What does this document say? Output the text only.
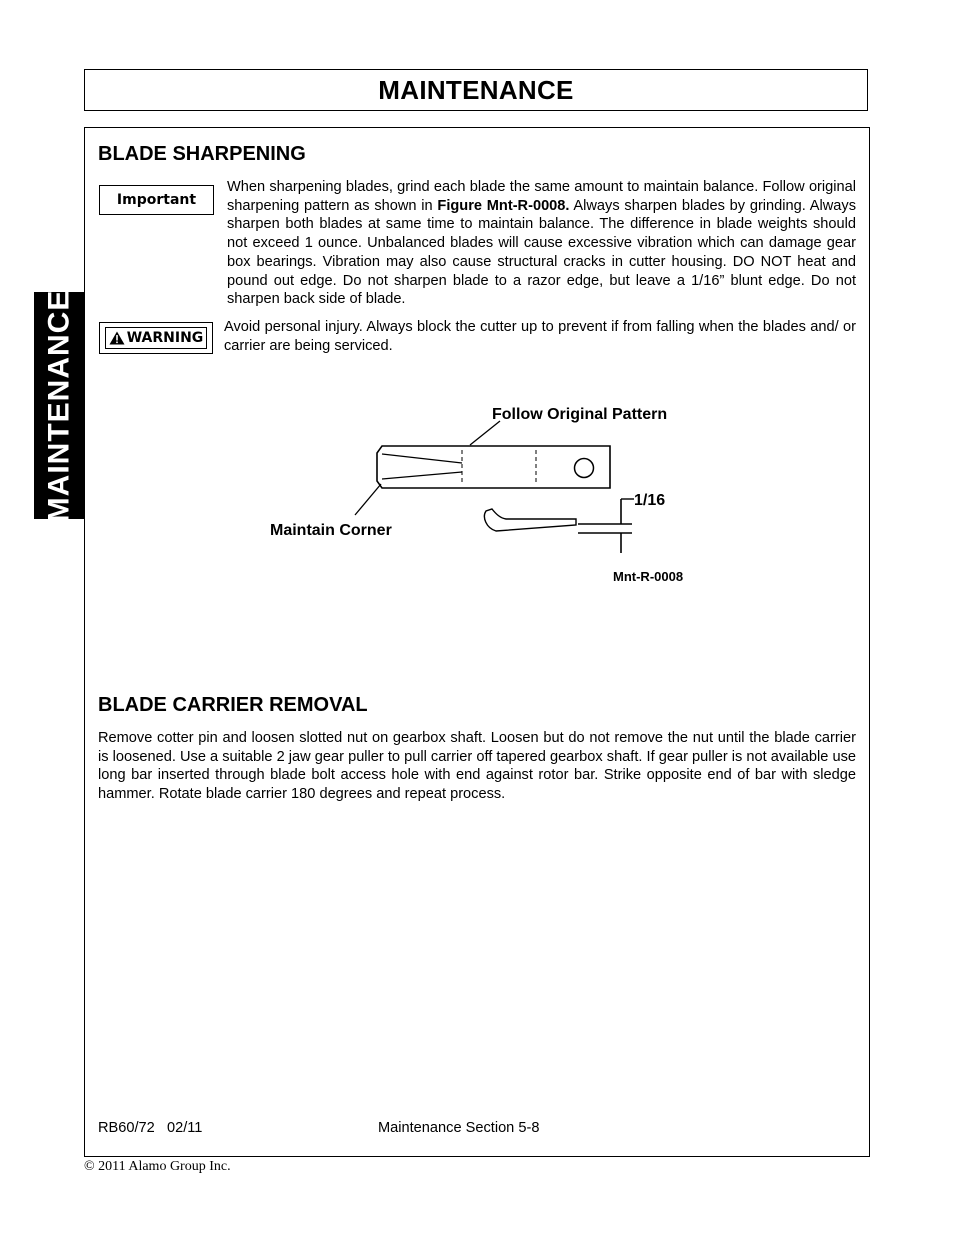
MAINTENANCE
MAINTENANCE
BLADE SHARPENING
Important
When sharpening blades, grind each blade the same amount to maintain balance. Follow original sharpening pattern as shown in Figure Mnt-R-0008. Always sharpen blades by grinding. Always sharpen both blades at same time to maintain balance. The difference in blade weights should not exceed 1 ounce. Unbalanced blades will cause excessive vibration which can damage gear box bearings. Vibration may also cause structural cracks in cutter housing. DO NOT heat and pound out edge. Do not sharpen blade to a razor edge, but leave a 1/16” blunt edge. Do not sharpen back side of blade.
WARNING
Avoid personal injury. Always block the cutter up to prevent if from falling when the blades and/ or carrier are being serviced.
Follow Original Pattern
Maintain Corner
1/16
Mnt-R-0008
BLADE CARRIER REMOVAL
Remove cotter pin and loosen slotted nut on gearbox shaft. Loosen but do not remove the nut until the blade carrier is loosened. Use a suitable 2 jaw gear puller to pull carrier off tapered gearbox shaft. If gear puller is not available use long bar inserted through blade bolt access hole with end against rotor bar. Strike opposite end of bar with sledge hammer. Rotate blade carrier 180 degrees and repeat process.
RB60/72   02/11	Maintenance Section 5-8
© 2011 Alamo Group Inc.
